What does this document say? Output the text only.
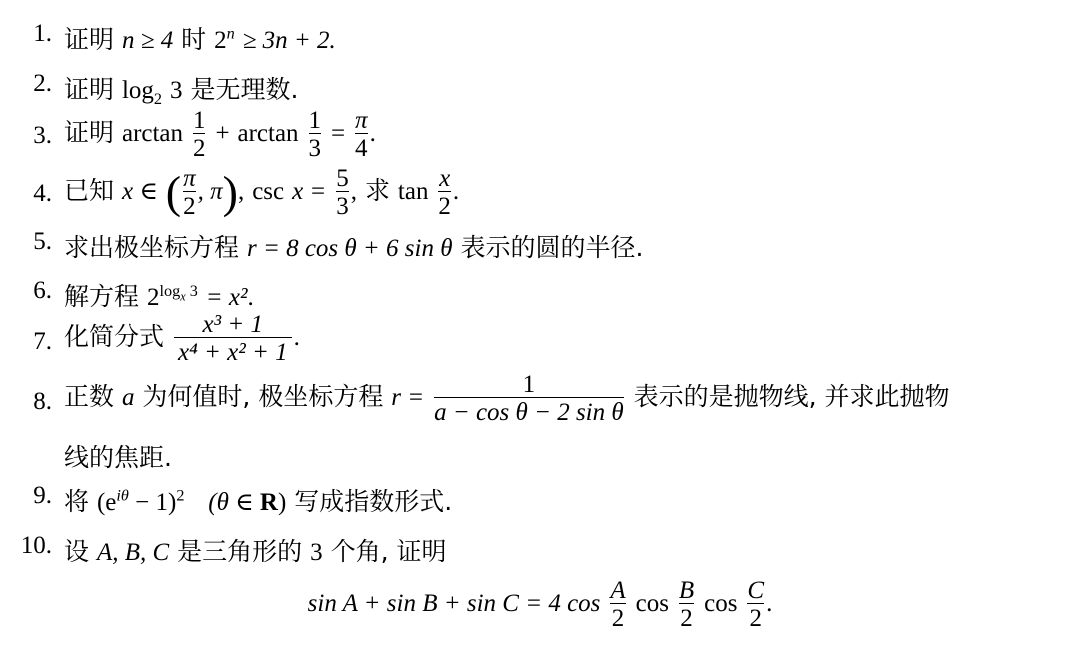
1. 证明 n ≥ 4 时 $2^n \ge 3n + 2$.
2. 证明 $\log_2 3$ 是无理数.
3. 证明 $\arctan \frac{1}{2} + \arctan \frac{1}{3} = \frac{\pi}{4}$ .
4. 已知 x ∈ ( $\frac{\pi}{2}$ , π), $\csc x = \frac{5}{3}$ , 求 $\tan \frac{x}{2}$ .
5. 求出极坐标方程 r = 8 cos θ + 6 sin θ 表示的圆的半径.
6. 解方程 $2^{log_x 3} = x^2$.
7. 化简分式 $\frac{\text{x³ + 1}}{\text{x⁴ + x² + 1}}$ .
8. 正数 a 为何值时, 极坐标方程 $r = \frac{1}{\text{a − cos θ − 2 sin θ}}$ 表示的是抛物线, 并求此抛物
线的焦距.
9. 将 $(e^{i\theta} - 1)^2$ (θ ∈ R) 写成指数形式.
10. 设 A, B, C 是三角形的 3 个角, 证明
sin A + sin B + sin C = 4 $\cos \frac{A}{2}$ $\cos \frac{B}{2}$ $\cos \frac{C}{2}$ .
